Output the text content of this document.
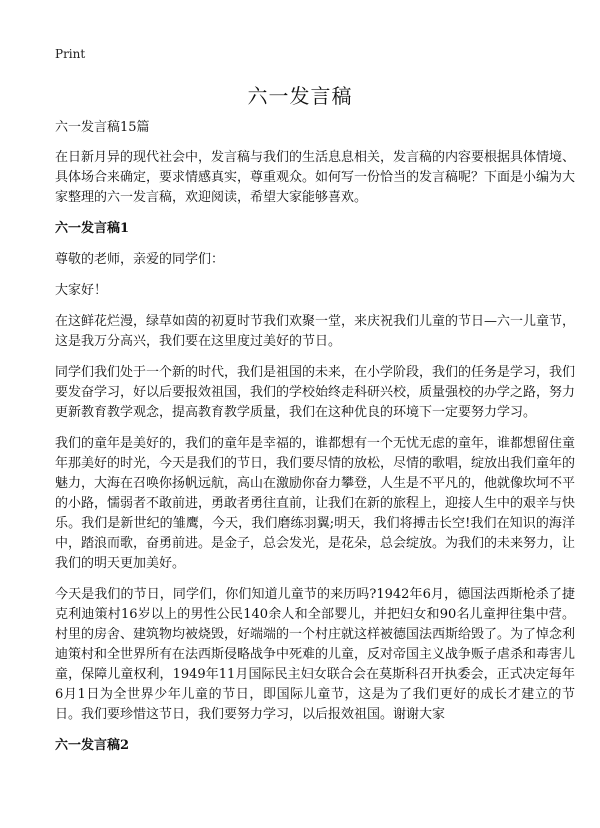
Print
六一发言稿

六一发言稿15篇

在日新月异的现代社会中，发言稿与我们的生活息息相关，发言稿的内容要根据具体情境、具体场合来确定，要求情感真实，尊重观众。如何写一份恰当的发言稿呢？下面是小编为大家整理的六一发言稿，欢迎阅读，希望大家能够喜欢。

六一发言稿1

尊敬的老师，亲爱的同学们：

大家好！

在这鲜花烂漫，绿草如茵的初夏时节我们欢聚一堂，来庆祝我们儿童的节日—六一儿童节，这是我万分高兴，我们要在这里度过美好的节日。

同学们我们处于一个新的时代，我们是祖国的未来，在小学阶段，我们的任务是学习，我们要发奋学习，好以后要报效祖国，我们的学校始终走科研兴校，质量强校的办学之路，努力更新教育教学观念，提高教育教学质量，我们在这种优良的环境下一定要努力学习。

我们的童年是美好的，我们的童年是幸福的，谁都想有一个无忧无虑的童年，谁都想留住童年那美好的时光，今天是我们的节日，我们要尽情的放松，尽情的歌唱，绽放出我们童年的魅力，大海在召唤你扬帆远航，高山在激励你奋力攀登，人生是不平凡的，他就像坎坷不平的小路，懦弱者不敢前进，勇敢者勇往直前，让我们在新的旅程上，迎接人生中的艰辛与快乐。我们是新世纪的雏鹰，今天，我们磨练羽翼;明天，我们将搏击长空!我们在知识的海洋中，踏浪而歌，奋勇前进。是金子，总会发光，是花朵，总会绽放。为我们的未来努力，让我们的明天更加美好。

今天是我们的节日，同学们，你们知道儿童节的来历吗?1942年6月，德国法西斯枪杀了捷克利迪策村16岁以上的男性公民140余人和全部婴儿，并把妇女和90名儿童押往集中营。村里的房舍、建筑物均被烧毁，好端端的一个村庄就这样被德国法西斯给毁了。为了悼念利迪策村和全世界所有在法西斯侵略战争中死难的儿童，反对帝国主义战争贩子虐杀和毒害儿童，保障儿童权利，1949年11月国际民主妇女联合会在莫斯科召开执委会，正式决定每年6月1日为全世界少年儿童的节日，即国际儿童节，这是为了我们更好的成长才建立的节日。我们要珍惜这节日，我们要努力学习，以后报效祖国。谢谢大家

六一发言稿2
